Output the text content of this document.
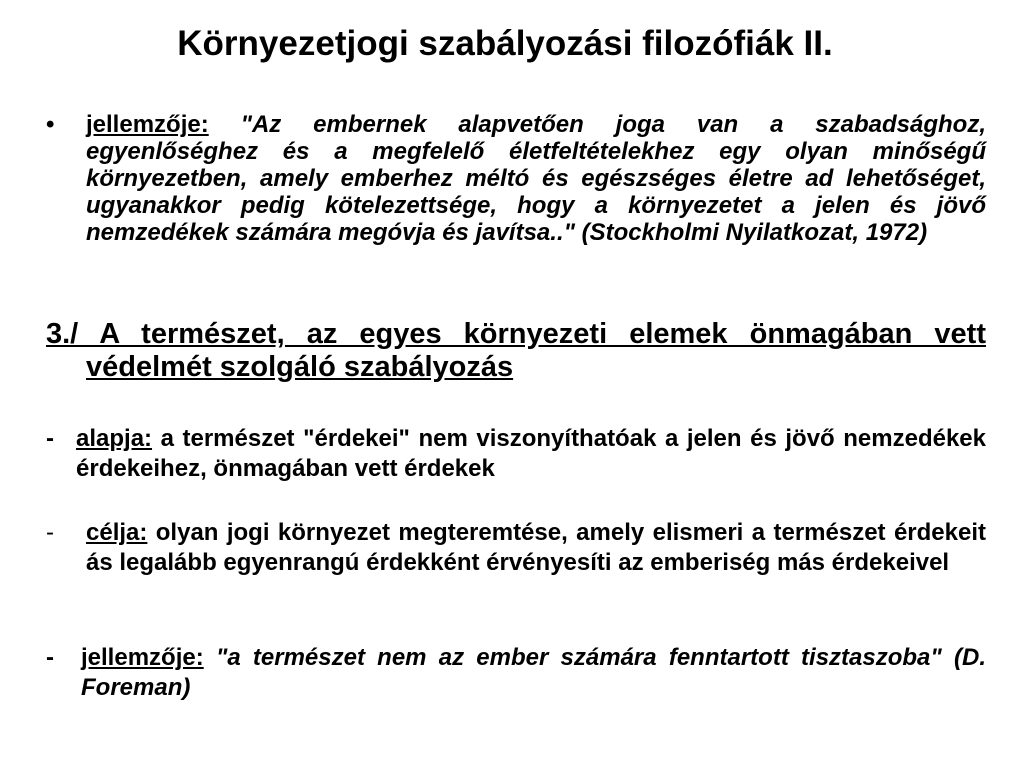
Környezetjogi szabályozási filozófiák II.
•	jellemzője: "Az embernek alapvetően joga van a szabadsághoz, egyenlőséghez és a megfelelő életfeltételekhez egy olyan minőségű környezetben, amely emberhez méltó és egészséges életre ad lehetőséget, ugyanakkor pedig kötelezettsége, hogy a környezetet a jelen és jövő nemzedékek számára megóvja és javítsa.." (Stockholmi Nyilatkozat, 1972)
3./ A természet, az egyes környezeti elemek önmagában vett védelmét szolgáló szabályozás
- alapja: a természet "érdekei" nem viszonyíthatóak a jelen és jövő nemzedékek érdekeihez, önmagában vett érdekek
-	célja: olyan jogi környezet megteremtése, amely elismeri a természet érdekeit ás legalább egyenrangú érdekként érvényesíti az emberiség más érdekeivel
-	jellemzője: "a természet nem az ember számára fenntartott tisztaszoba" (D. Foreman)
